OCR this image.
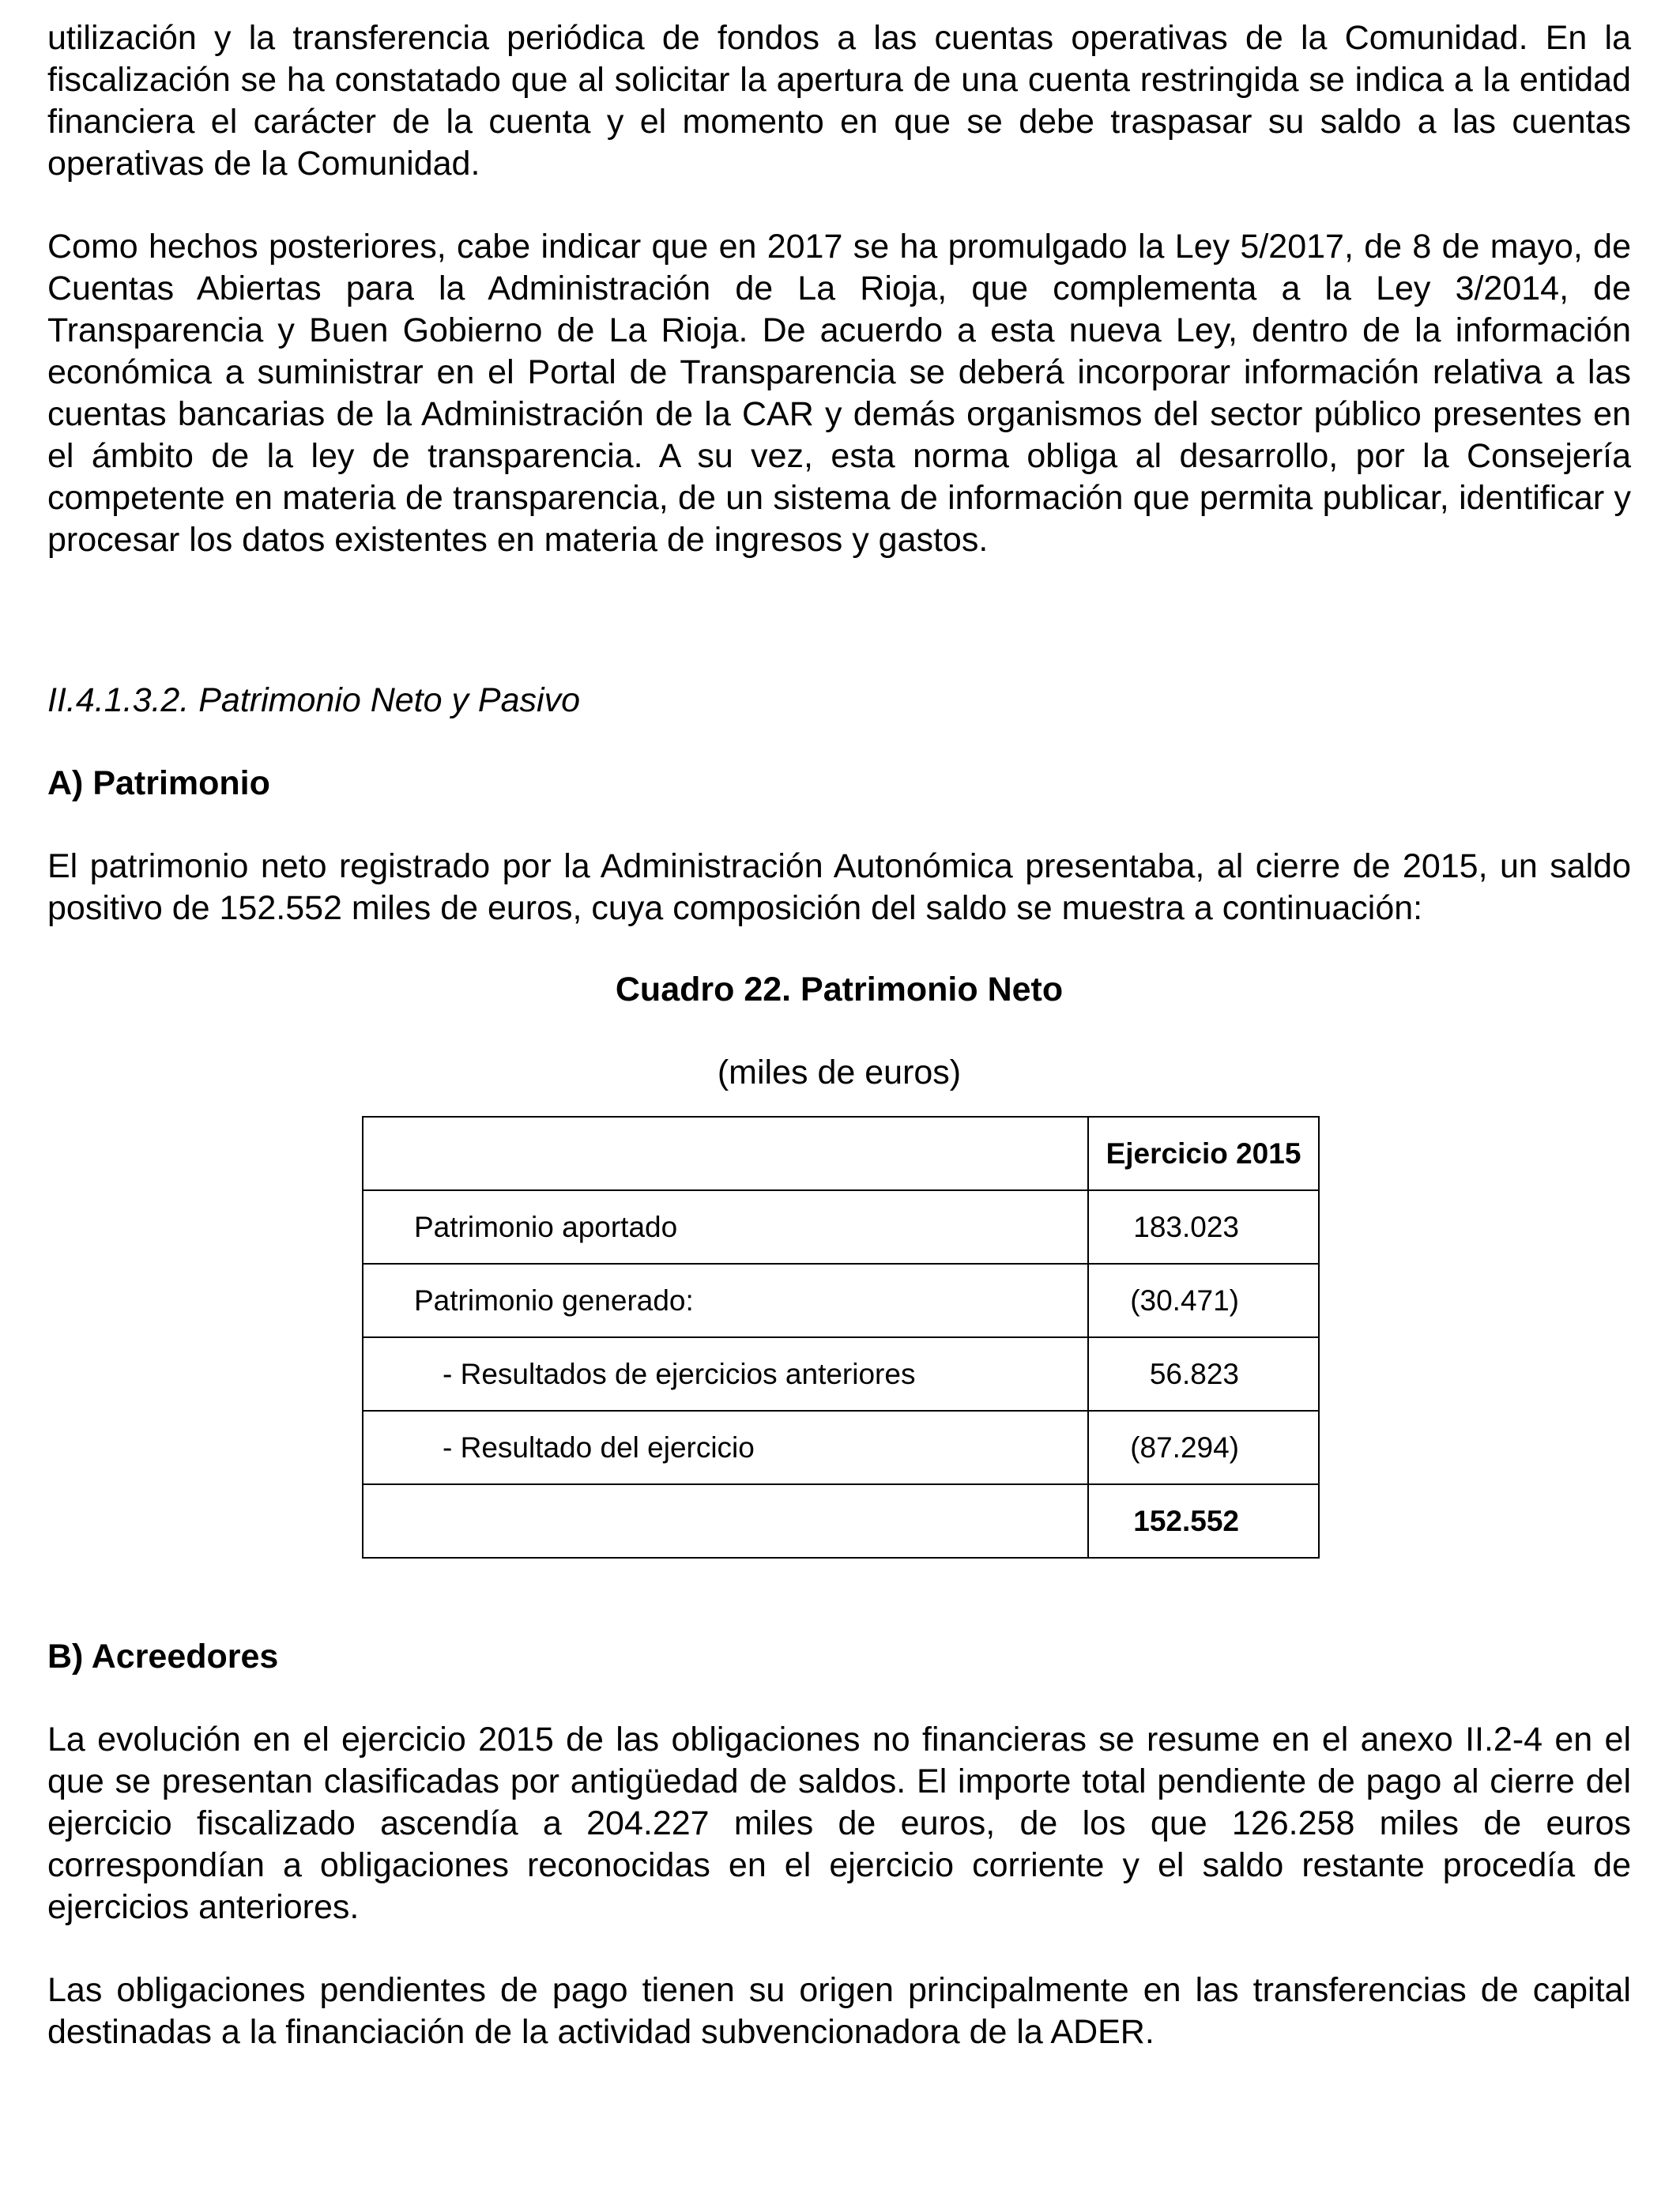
utilización y la transferencia periódica de fondos a las cuentas operativas de la Comunidad. En la fiscalización se ha constatado que al solicitar la apertura de una cuenta restringida se indica a la entidad financiera el carácter de la cuenta y el momento en que se debe traspasar su saldo a las cuentas operativas de la Comunidad.

Como hechos posteriores, cabe indicar que en 2017 se ha promulgado la Ley 5/2017, de 8 de mayo, de Cuentas Abiertas para la Administración de La Rioja, que complementa a la Ley 3/2014, de Transparencia y Buen Gobierno de La Rioja. De acuerdo a esta nueva Ley, dentro de la información económica a suministrar en el Portal de Transparencia se deberá incorporar información relativa a las cuentas bancarias de la Administración de la CAR y demás organismos del sector público presentes en el ámbito de la ley de transparencia. A su vez, esta norma obliga al desarrollo, por la Consejería competente en materia de transparencia, de un sistema de información que permita publicar, identificar y procesar los datos existentes en materia de ingresos y gastos.

II.4.1.3.2. Patrimonio Neto y Pasivo
A) Patrimonio

El patrimonio neto registrado por la Administración Autonómica presentaba, al cierre de 2015, un saldo positivo de 152.552 miles de euros, cuya composición del saldo se muestra a continuación:

Cuadro 22. Patrimonio Neto

(miles de euros)

	Ejercicio 2015
Patrimonio aportado	183.023
Patrimonio generado:	(30.471)
- Resultados de ejercicios anteriores	56.823
- Resultado del ejercicio	(87.294)
	152.552
B) Acreedores

La evolución en el ejercicio 2015 de las obligaciones no financieras se resume en el anexo II.2-4 en el que se presentan clasificadas por antigüedad de saldos. El importe total pendiente de pago al cierre del ejercicio fiscalizado ascendía a 204.227 miles de euros, de los que 126.258 miles de euros correspondían a obligaciones reconocidas en el ejercicio corriente y el saldo restante procedía de ejercicios anteriores.

Las obligaciones pendientes de pago tienen su origen principalmente en las transferencias de capital destinadas a la financiación de la actividad subvencionadora de la ADER.
